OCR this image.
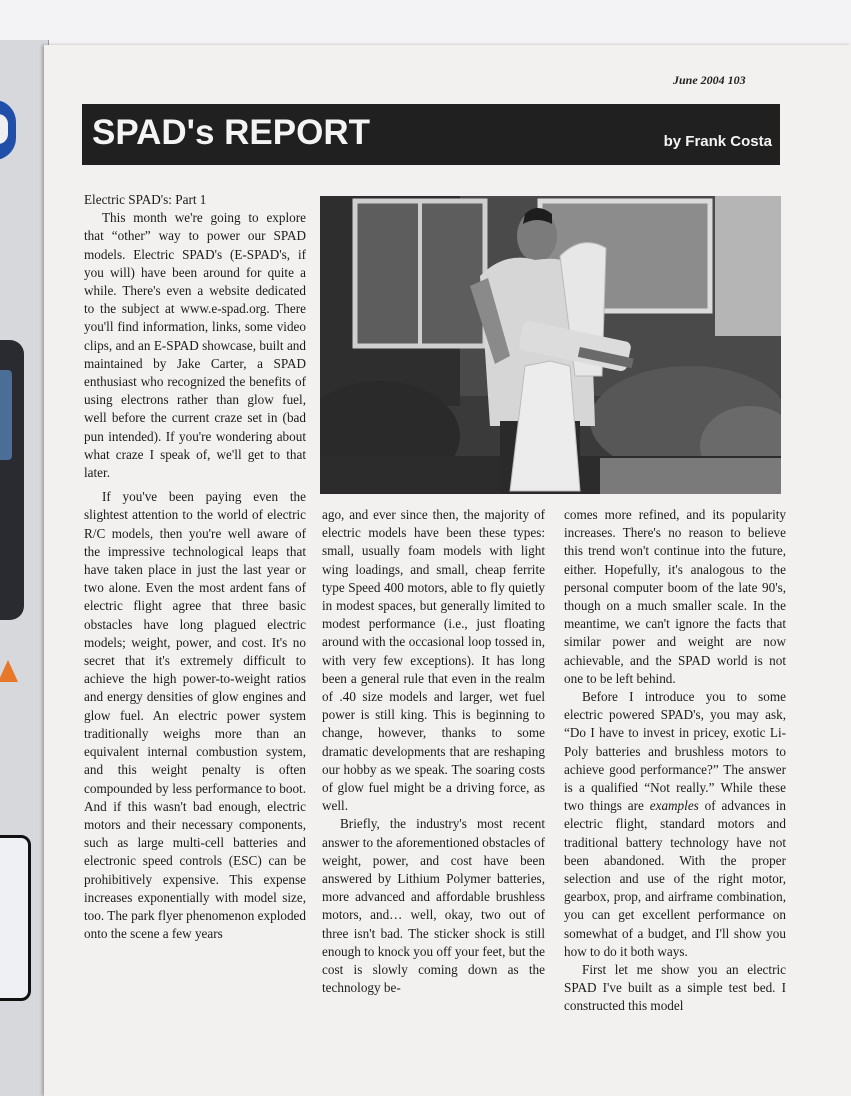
June 2004 103
SPAD's REPORT	by Frank Costa

Electric SPAD's: Part 1

This month we're going to explore that “other” way to power our SPAD models. Electric SPAD's (E-SPAD's, if you will) have been around for quite a while. There's even a website dedicated to the subject at www.e-spad.org. There you'll find information, links, some video clips, and an E-SPAD showcase, built and maintained by Jake Carter, a SPAD enthusiast who recognized the benefits of using electrons rather than glow fuel, well before the current craze set in (bad pun intended). If you're wondering about what craze I speak of, we'll get to that later.

If you've been paying even the slightest attention to the world of electric R/C models, then you're well aware of the impressive technological leaps that have taken place in just the last year or two alone. Even the most ardent fans of electric flight agree that three basic obstacles have long plagued electric models; weight, power, and cost. It's no secret that it's extremely difficult to achieve the high power-to-weight ratios and energy densities of glow engines and glow fuel. An electric power system traditionally weighs more than an equivalent internal combustion system, and this weight penalty is often compounded by less performance to boot. And if this wasn't bad enough, electric motors and their necessary components, such as large multi-cell batteries and electronic speed controls (ESC) can be prohibitively expensive. This expense increases exponentially with model size, too. The park flyer phenomenon exploded onto the scene a few years

ago, and ever since then, the majority of electric models have been these types: small, usually foam models with light wing loadings, and small, cheap ferrite type Speed 400 motors, able to fly quietly in modest spaces, but generally limited to modest performance (i.e., just floating around with the occasional loop tossed in, with very few exceptions). It has long been a general rule that even in the realm of .40 size models and larger, wet fuel power is still king. This is beginning to change, however, thanks to some dramatic developments that are reshaping our hobby as we speak. The soaring costs of glow fuel might be a driving force, as well.

Briefly, the industry's most recent answer to the aforementioned obstacles of weight, power, and cost have been answered by Lithium Polymer batteries, more advanced and affordable brushless motors, and… well, okay, two out of three isn't bad. The sticker shock is still enough to knock you off your feet, but the cost is slowly coming down as the technology be-

comes more refined, and its popularity increases. There's no reason to believe this trend won't continue into the future, either. Hopefully, it's analogous to the personal computer boom of the late 90's, though on a much smaller scale. In the meantime, we can't ignore the facts that similar power and weight are now achievable, and the SPAD world is not one to be left behind.

Before I introduce you to some electric powered SPAD's, you may ask, “Do I have to invest in pricey, exotic Li-Poly batteries and brushless motors to achieve good performance?” The answer is a qualified “Not really.” While these two things are examples of advances in electric flight, standard motors and traditional battery technology have not been abandoned. With the proper selection and use of the right motor, gearbox, prop, and airframe combination, you can get excellent performance on somewhat of a budget, and I'll show you how to do it both ways.

First let me show you an electric SPAD I've built as a simple test bed. I constructed this model
